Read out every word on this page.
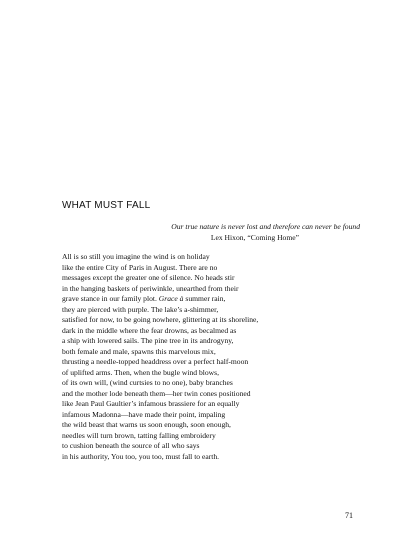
WHAT MUST FALL
Our true nature is never lost and therefore can never be found
Lex Hixon, “Coming Home”
All is so still you imagine the wind is on holiday
like the entire City of Paris in August. There are no
messages except the greater one of silence. No heads stir
in the hanging baskets of periwinkle, unearthed from their
grave stance in our family plot. Grace à summer rain,
they are pierced with purple. The lake’s a-shimmer,
satisfied for now, to be going nowhere, glittering at its shoreline,
dark in the middle where the fear drowns, as becalmed as
a ship with lowered sails. The pine tree in its androgyny,
both female and male, spawns this marvelous mix,
thrusting a needle-topped headdress over a perfect half-moon
of uplifted arms. Then, when the bugle wind blows,
of its own will, (wind curtsies to no one), baby branches
and the mother lode beneath them—her twin cones positioned
like Jean Paul Gaultier’s infamous brassiere for an equally
infamous Madonna—have made their point, impaling
the wild beast that warns us soon enough, soon enough,
needles will turn brown, tatting falling embroidery
to cushion beneath the source of all who says
in his authority, You too, you too, must fall to earth.
71
